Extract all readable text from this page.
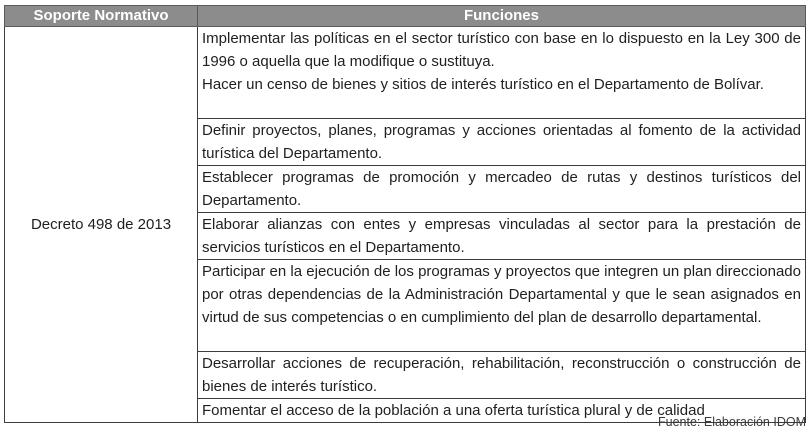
Soporte Normativo	Funciones
Decreto 498 de 2013	Implementar las políticas en el sector turístico con base en lo dispuesto en la Ley 300 de 1996 o aquella que la modifique o sustituya.
Hacer un censo de bienes y sitios de interés turístico en el Departamento de Bolívar.

	Definir proyectos, planes, programas y acciones orientadas al fomento de la actividad turística del Departamento.
	Establecer programas de promoción y mercadeo de rutas y destinos turísticos del Departamento.
	Elaborar alianzas con entes y empresas vinculadas al sector para la prestación de servicios turísticos en el Departamento.
	Participar en la ejecución de los programas y proyectos que integren un plan direccionado por otras dependencias de la Administración Departamental y que le sean asignados en virtud de sus competencias o en cumplimiento del plan de desarrollo departamental.
	Desarrollar acciones de recuperación, rehabilitación, reconstrucción o construcción de bienes de interés turístico.
	Fomentar el acceso de la población a una oferta turística plural y de calidad
Fuente: Elaboración IDOM
